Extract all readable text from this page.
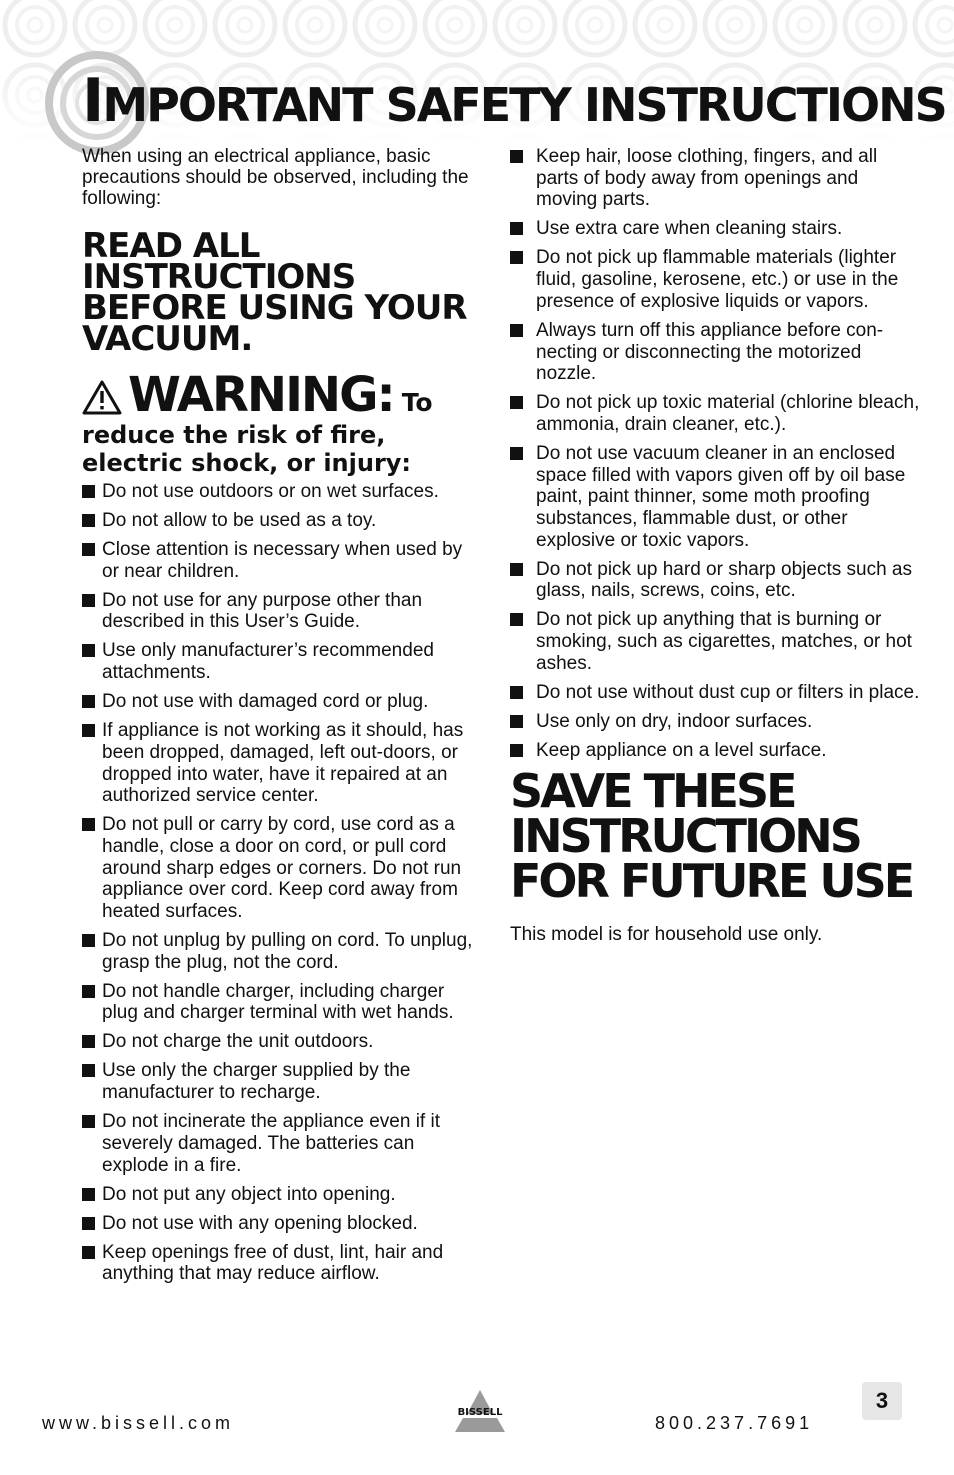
IMPORTANT SAFETY INSTRUCTIONS

When using an electrical appliance, basic precautions should be observed, including the following:

READ ALL INSTRUCTIONS BEFORE USING YOUR VACUUM.
WARNING: To
reduce the risk of fire, electric shock, or injury:
Do not use outdoors or on wet surfaces.
Do not allow to be used as a toy.
Close attention is necessary when used by or near children.
Do not use for any purpose other than described in this User’s Guide.
Use only manufacturer’s recommended attachments.
Do not use with damaged cord or plug.
If appliance is not working as it should, has been dropped, damaged, left out-doors, or dropped into water, have it repaired at an authorized service center.
Do not pull or carry by cord, use cord as a handle, close a door on cord, or pull cord around sharp edges or corners. Do not run appliance over cord. Keep cord away from heated surfaces.
Do not unplug by pulling on cord. To unplug, grasp the plug, not the cord.
Do not handle charger, including charger plug and charger terminal with wet hands.
Do not charge the unit outdoors.
Use only the charger supplied by the manufacturer to recharge.
Do not incinerate the appliance even if it severely damaged. The batteries can explode in a fire.
Do not put any object into opening.
Do not use with any opening blocked.
Keep openings free of dust, lint, hair and anything that may reduce airflow.
Keep hair, loose clothing, fingers, and all parts of body away from openings and moving parts.
Use extra care when cleaning stairs.
Do not pick up flammable materials (lighter fluid, gasoline, kerosene, etc.) or use in the presence of explosive liquids or vapors.
Always turn off this appliance before con-necting or disconnecting the motorized nozzle.
Do not pick up toxic material (chlorine bleach, ammonia, drain cleaner, etc.).
Do not use vacuum cleaner in an enclosed space filled with vapors given off by oil base paint, paint thinner, some moth proofing substances, flammable dust, or other explosive or toxic vapors.
Do not pick up hard or sharp objects such as glass, nails, screws, coins, etc.
Do not pick up anything that is burning or smoking, such as cigarettes, matches, or hot ashes.
Do not use without dust cup or filters in place.
Use only on dry, indoor surfaces.
Keep appliance on a level surface.
SAVE THESE
INSTRUCTIONS
FOR FUTURE USE
This model is for household use only.
www.bissell.com
BISSELL
800.237.7691
3
